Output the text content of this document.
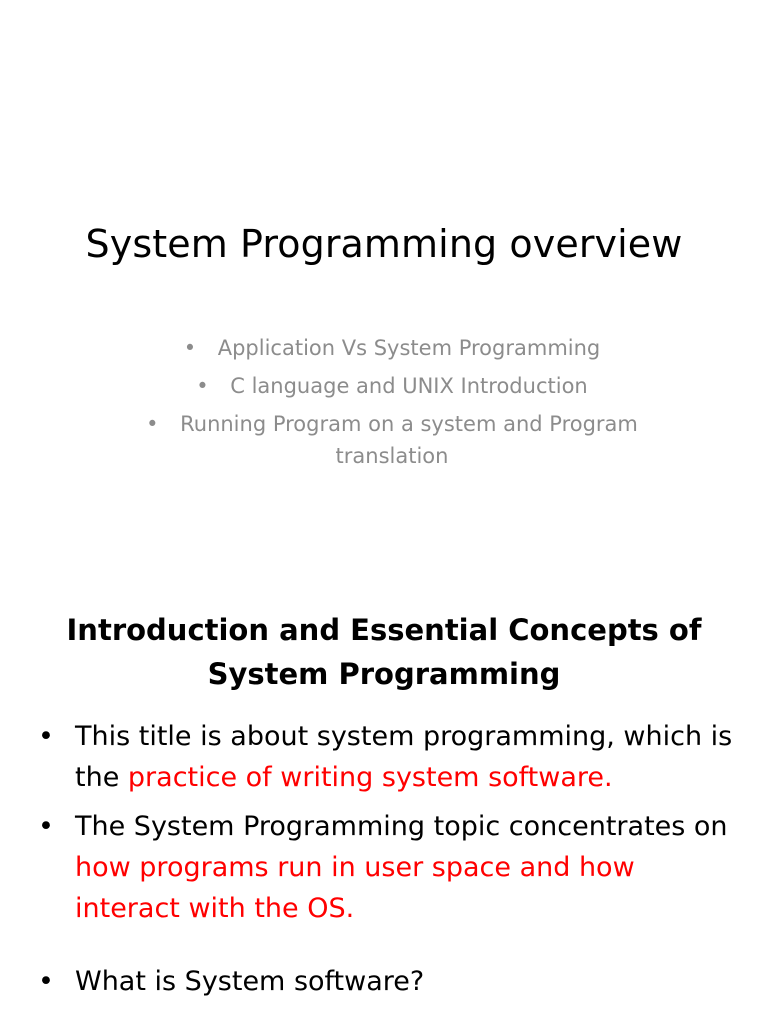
System Programming overview
• Application Vs System Programming
• C language and UNIX Introduction
• Running Program on a system and Program translation
Introduction and Essential Concepts of System Programming
• This title is about system programming, which is the practice of writing system software.
• The System Programming topic concentrates on how programs run in user space and how interact with the OS.
• What is System software?
